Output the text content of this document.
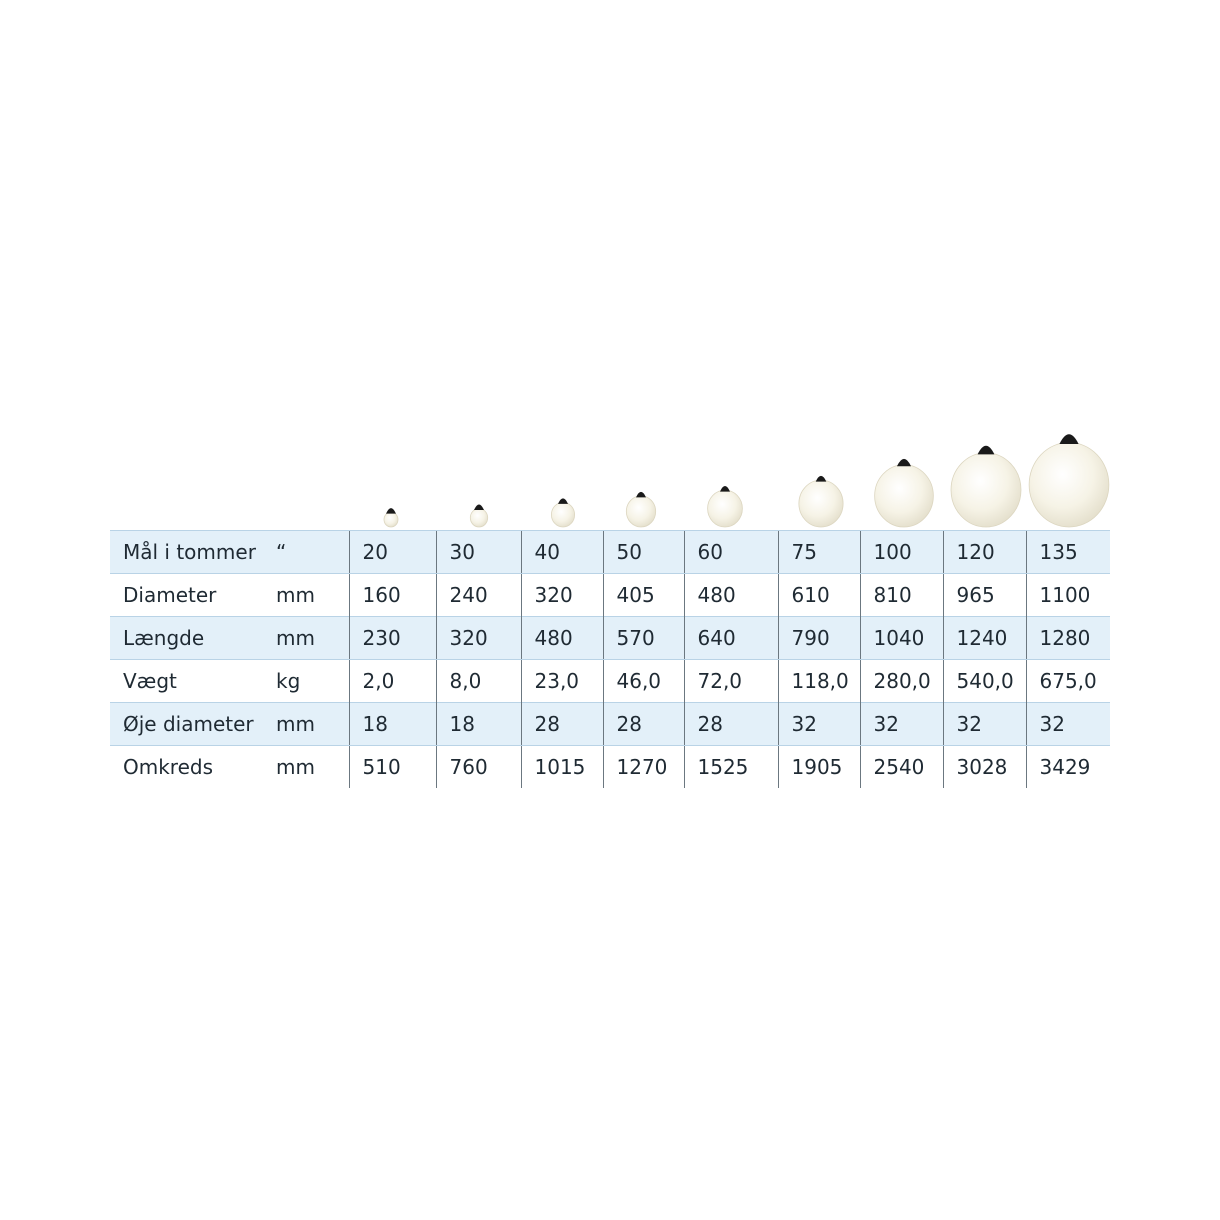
Mål i tommer	“	20	30	40	50	60	75	100	120	135
Diameter	mm	160	240	320	405	480	610	810	965	1100
Længde	mm	230	320	480	570	640	790	1040	1240	1280
Vægt	kg	2,0	8,0	23,0	46,0	72,0	118,0	280,0	540,0	675,0
Øje diameter	mm	18	18	28	28	28	32	32	32	32
Omkreds	mm	510	760	1015	1270	1525	1905	2540	3028	3429
